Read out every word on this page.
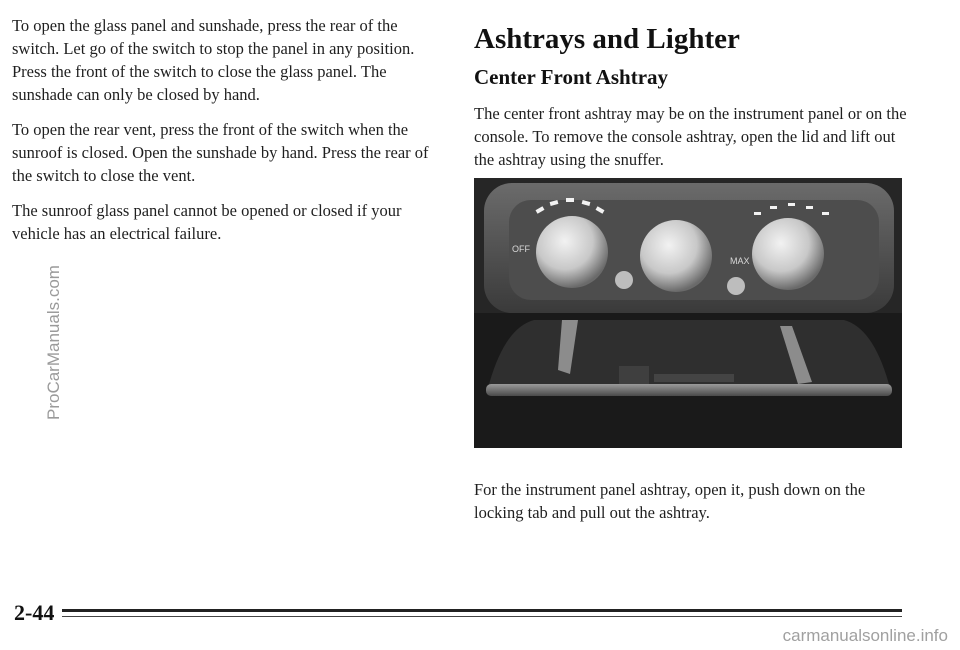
To open the glass panel and sunshade, press the rear of the switch. Let go of the switch to stop the panel in any position. Press the front of the switch to close the glass panel. The sunshade can only be closed by hand.

To open the rear vent, press the front of the switch when the sunroof is closed. Open the sunshade by hand. Press the rear of the switch to close the vent.

The sunroof glass panel cannot be opened or closed if your vehicle has an electrical failure.

Ashtrays and Lighter
Center Front Ashtray

The center front ashtray may be on the instrument panel or on the console. To remove the console ashtray, open the lid and lift out the ashtray using the snuffer.

OFF
MAX

For the instrument panel ashtray, open it, push down on the locking tab and pull out the ashtray.

ProCarManuals.com
2-44
carmanualsonline.info
